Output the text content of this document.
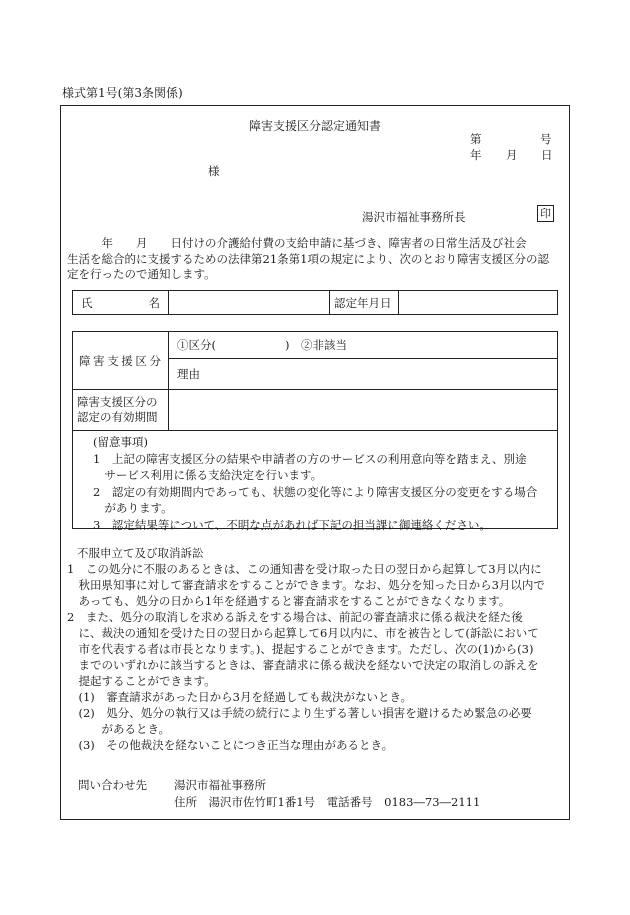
様式第1号(第3条関係)
障害支援区分認定通知書
第	号
年 月 日
様
湯沢市福祉事務所長	印
　　　年　　月　　日付けの介護給付費の支給申請に基づき、障害者の日常生活及び社会
生活を総合的に支援するための法律第21条第1項の規定により、次のとおり障害支援区分の認
定を行ったので通知します。
氏　　　　名		認定年月日

障害支援区分	①区分(　　　　　　)　②非該当

	理由

障害支援区分の
認定の有効期間	

(留意事項)
1　上記の障害支援区分の結果や申請者の方のサービスの利用意向等を踏まえ、別途
　サービス利用に係る支給決定を行います。
2　認定の有効期間内であっても、状態の変化等により障害支援区分の変更をする場合
　があります。
3　認定結果等について、不明な点があれば下記の担当課に御連絡ください。
不服申立て及び取消訴訟
1　この処分に不服のあるときは、この通知書を受け取った日の翌日から起算して3月以内に
　秋田県知事に対して審査請求をすることができます。なお、処分を知った日から3月以内で
　あっても、処分の日から1年を経過すると審査請求をすることができなくなります。
2　また、処分の取消しを求める訴えをする場合は、前記の審査請求に係る裁決を経た後
　に、裁決の通知を受けた日の翌日から起算して6月以内に、市を被告として(訴訟において
　市を代表する者は市長となります。)、提起することができます。ただし、次の(1)から(3)
　までのいずれかに該当するときは、審査請求に係る裁決を経ないで決定の取消しの訴えを
　提起することができます。
　(1)　審査請求があった日から3月を経過しても裁決がないとき。
　(2)　処分、処分の執行又は手続の続行により生ずる著しい損害を避けるため緊急の必要
　　　があるとき。
　(3)　その他裁決を経ないことにつき正当な理由があるとき。
問い合わせ先 湯沢市福祉事務所
住所　湯沢市佐竹町1番1号　電話番号　0183―73―2111
